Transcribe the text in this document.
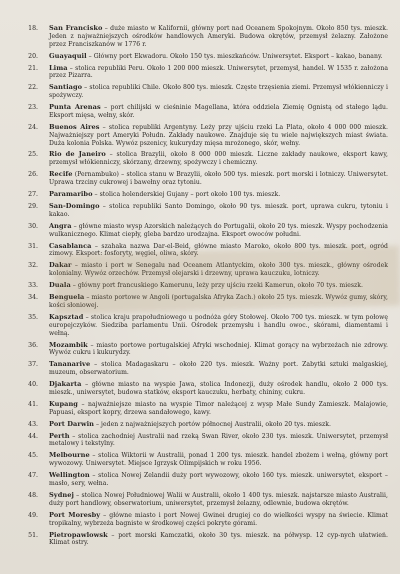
18.	San Francisko – duże miasto w Kalifornii, główny port nad Oceanem Spokojnym. Około 850 tys. mieszk. Jeden z najważniejszych ośrodków handlowych Ameryki. Budowa okrętów, przemysł żelazny. Założone przez Franciszkanów w 1776 r.
20.	Guayaquil – Główny port Ekwadoru. Około 150 tys. mieszkańców. Uniwersytet. Eksport – kakao, banany.
21.	Lima – stolica republiki Peru. Około 1 200 000 mieszk. Uniwersytet, przemysł, handel. W 1535 r. założona przez Pizarra.
22.	Santiago – stolica republiki Chile. Około 800 tys. mieszk. Częste trzęsienia ziemi. Przemysł włókienniczy i spożywczy.
23.	Punta Arenas – port chilijski w cieśninie Magellana, która oddziela Ziemię Ognistą od stałego lądu. Eksport mięsa, wełny, skór.
24.	Buenos Aires – stolica republiki Argentyny. Leży przy ujściu rzeki La Plata, około 4 000 000 mieszk. Najważniejszy port Ameryki Połudn. Zakłady naukowe. Znajduje się tu wiele największych miast świata. Duża kolonia Polska. Wywóz pszenicy, kukurydzy mięsa mrożonego, skór, wełny.
25.	Rio de Janeiro – stolica Brazylii, około 8 000 000 mieszk. Liczne zakłady naukowe, eksport kawy, przemysł włókienniczy, skórzany, drzewny, spożywczy i chemiczny.
26.	Recife (Pernambuko) – stolica stanu w Brazylii, około 500 tys. mieszk. port morski i lotniczy. Uniwersytet. Uprawa trzciny cukrowej i bawełny oraz tytoniu.
27.	Paramaribo – stolica holenderskiej Gujany – port około 100 tys. mieszk.
29.	San-Domingo – stolica republiki Santo Domingo, około 90 tys. mieszk. port, uprawa cukru, tytoniu i kakao.
30.	Angra – główne miasto wysp Azorskich należących do Portugalii, około 20 tys. mieszk. Wyspy pochodzenia wulkanicznego. Klimat ciepły, gleba bardzo urodzajna. Eksport owoców południ.
31.	Casablanca – szahaka nazwa Dar-el-Beid, główne miasto Maroko, około 800 tys. mieszk. port, ogród zimowy. Eksport: fosforyty, węgiel, oliwa, skóry.
32.	Dakar – miasto i port w Senegalu nad Oceanem Atlantyckim, około 300 tys. mieszk., główny ośrodek kolonialny. Wywóz orzechów. Przemysł olejarski i drzewny, uprawa kauczuku, lotniczy.
33.	Duala – główny port francuskiego Kamerunu, leży przy ujściu rzeki Kamerun, około 70 tys. mieszk.
34.	Benguela – miasto portowe w Angoli (portugalska Afryka Zach.) około 25 tys. mieszk. Wywóz gumy, skóry, kości słoniowej.
35.	Kapsztad – stolica kraju prapołudniowego u podnóża góry Stołowej. Około 700 tys. mieszk. w tym połowę europejczyków. Siedziba parlamentu Unii. Ośrodek przemysłu i handlu owoc., skórami, diamentami i wełną.
36.	Mozambik – miasto portowe portugalskiej Afryki wschodniej. Klimat gorący na wybrzeżach nie zdrowy. Wywóz cukru i kukurydzy.
37.	Tananarive – stolica Madagaskaru – około 220 tys. mieszk. Ważny port. Zabytki sztuki malgaskiej, muzeum, obserwatorium.
40.	Djakarta – główne miasto na wyspie Jawa, stolica Indonezji, duży ośrodek handlu, około 2 000 tys. mieszk., uniwersytet, budowa statków, eksport kauczuku, herbaty, chininy, cukru.
41.	Kupang – najważniejsze miasto na wyspie Timor należącej z wysp Małe Sundy Zamieszk. Malajowie, Papuasi, eksport kopry, drzewa sandałowego, kawy.
43.	Port Darwin – jeden z najważniejszych portów północnej Australii, około 20 tys. mieszk.
44.	Perth – stolica zachodniej Australii nad rzeką Swan River, około 230 tys. mieszk. Uniwersytet, przemysł metalowy i tekstylny.
45.	Melbourne – stolica Wiktorii w Australii, ponad 1 200 tys. mieszk. handel zbożem i wełną, główny port wywozowy. Uniwersytet. Miejsce Igrzysk Olimpijskich w roku 1956.
47.	Wellington – stolica Nowej Zelandii duży port wywozowy, około 160 tys. mieszk. uniwersytet, eksport – masło, sery, wełna.
48.	Sydnej – stolica Nowej Południowej Walii w Australii, około 1 400 tys. mieszk. najstarsze miasto Australii, duży port handlowy, obserwatorium, uniwersytet, przemysł żelazny, odlewnie, budowa okrętów.
49.	Port Moresby – główne miasto i port Nowej Gwinei drugiej co do wielkości wyspy na świecie. Klimat tropikalny, wybrzeża bagniste w środkowej części pokryte górami.
51.	Pietropawlowsk – port morski Kamczatki, około 30 tys. mieszk. na półwysp. 12 cyp-nych ułatwień. Klimat ostry.
